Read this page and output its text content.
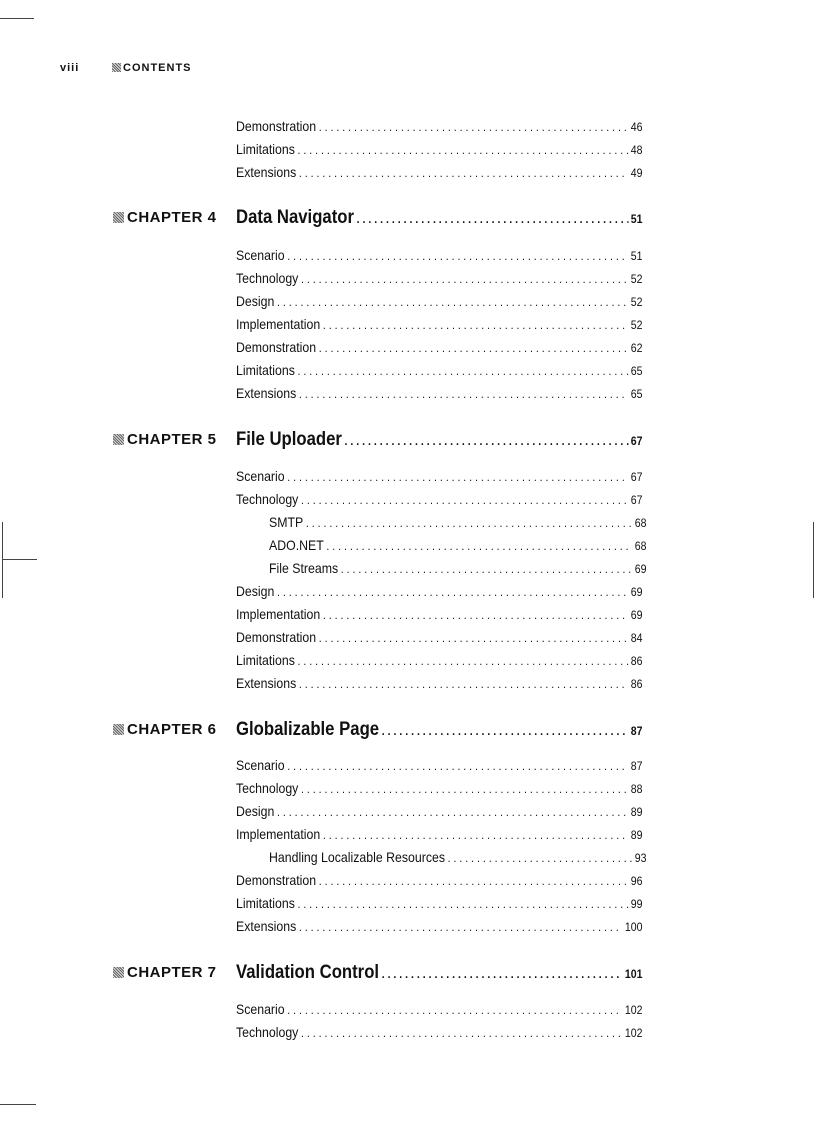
viii	CONTENTS
Demonstration . . .	46
Limitations . . .	48
Extensions . . .	49
CHAPTER 4 Data Navigator . . .	51
Scenario . . .	51
Technology . . .	52
Design . . .	52
Implementation . . .	52
Demonstration . . .	62
Limitations . . .	65
Extensions . . .	65
CHAPTER 5 File Uploader . . .	67
Scenario . . .	67
Technology . . .	67
SMTP . . .	68
ADO.NET . . .	68
File Streams . . .	69
Design . . .	69
Implementation . . .	69
Demonstration . . .	84
Limitations . . .	86
Extensions . . .	86
CHAPTER 6 Globalizable Page . . .	87
Scenario . . .	87
Technology . . .	88
Design . . .	89
Implementation . . .	89
Handling Localizable Resources . . .	93
Demonstration . . .	96
Limitations . . .	99
Extensions . . .	100
CHAPTER 7 Validation Control . . .	101
Scenario . . .	102
Technology . . .	102
